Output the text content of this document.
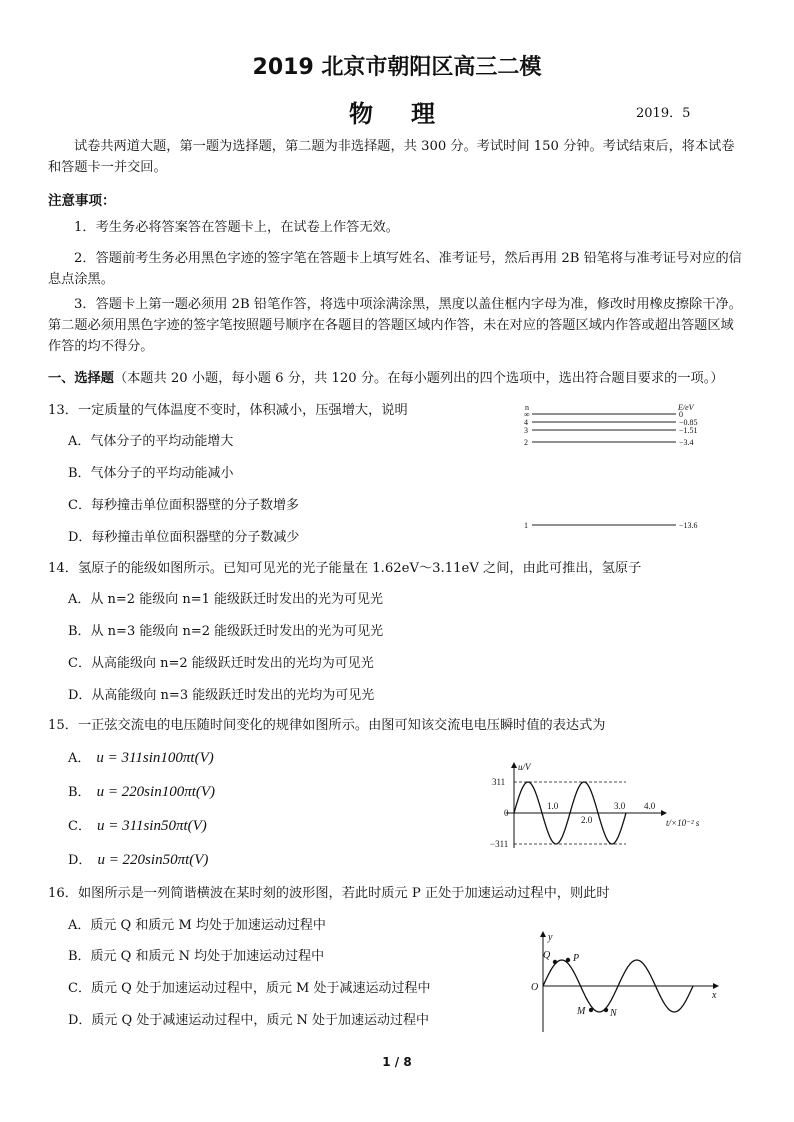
2019 北京市朝阳区高三二模
物理	2019．5
试卷共两道大题，第一题为选择题，第二题为非选择题，共 300 分。考试时间 150 分钟。考试结束后，将本试卷和答题卡一并交回。
注意事项：
1．考生务必将答案答在答题卡上，在试卷上作答无效。
2．答题前考生务必用黑色字迹的签字笔在答题卡上填写姓名、准考证号，然后再用 2B 铅笔将与准考证号对应的信息点涂黑。
3．答题卡上第一题必须用 2B 铅笔作答，将选中项涂满涂黑，黑度以盖住框内字母为准，修改时用橡皮擦除干净。第二题必须用黑色字迹的签字笔按照题号顺序在各题目的答题区域内作答，未在对应的答题区域内作答或超出答题区域作答的均不得分。
一、选择题（本题共 20 小题，每小题 6 分，共 120 分。在每小题列出的四个选项中，选出符合题目要求的一项。）
13．一定质量的气体温度不变时，体积减小，压强增大，说明
A．气体分子的平均动能增大
B．气体分子的平均动能减小
C．每秒撞击单位面积器壁的分子数增多
D．每秒撞击单位面积器壁的分子数减少
n	E/eV
∞
4
3
2
1
0
−0.85
−1.51
−3.4
−13.6
14．氢原子的能级如图所示。已知可见光的光子能量在 1.62eV～3.11eV 之间，由此可推出，氢原子
A．从 n=2 能级向 n=1 能级跃迁时发出的光为可见光
B．从 n=3 能级向 n=2 能级跃迁时发出的光为可见光
C．从高能级向 n=2 能级跃迁时发出的光均为可见光
D．从高能级向 n=3 能级跃迁时发出的光均为可见光
15．一正弦交流电的电压随时间变化的规律如图所示。由图可知该交流电电压瞬时值的表达式为
A． u = 311sin100πt(V)
B． u = 220sin100πt(V)
C． u = 311sin50πt(V)
D． u = 220sin50πt(V)
u/V
311
0
−311
1.0
2.0
3.0 4.0
t/×10⁻² s
16．如图所示是一列简谐横波在某时刻的波形图，若此时质元 P 正处于加速运动过程中，则此时
A．质元 Q 和质元 M 均处于加速运动过程中
B．质元 Q 和质元 N 均处于加速运动过程中
C．质元 Q 处于加速运动过程中，质元 M 处于减速运动过程中
D．质元 Q 处于减速运动过程中，质元 N 处于加速运动过程中
y
x
O
Q P
M N
1 / 8
